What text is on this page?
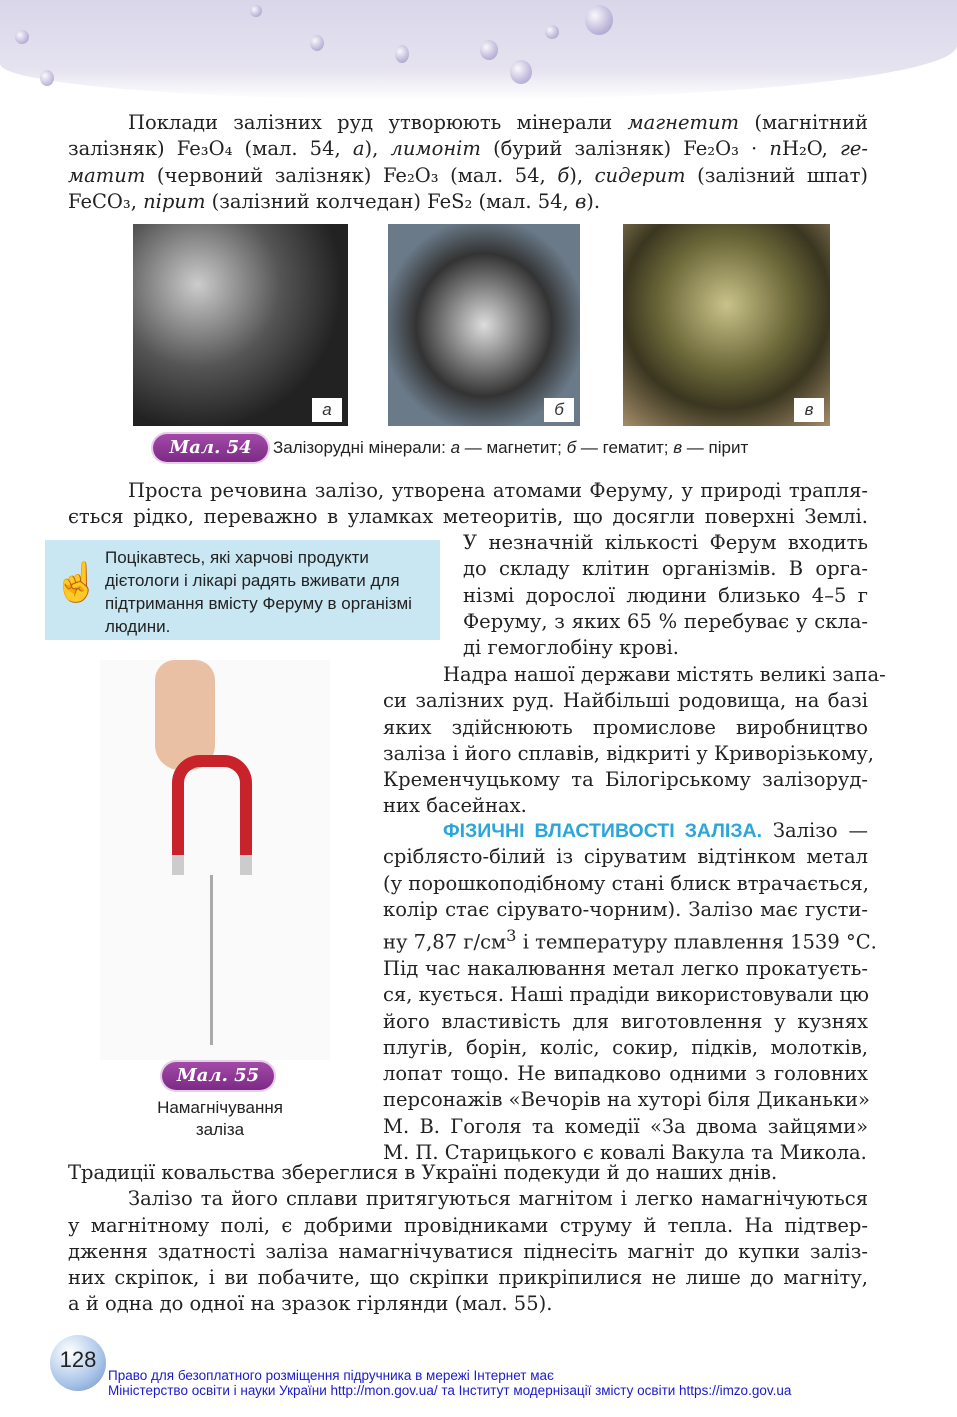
Поклади залізних руд утворюють мінерали магнетит (магнітний
залізняк) Fe₃O₄ (мал. 54, а), лимоніт (бурий залізняк) Fe₂O₃ · nH₂O, ге-
матит (червоний залізняк) Fe₂O₃ (мал. 54, б), сидерит (залізний шпат)
FeCO₃, пірит (залізний колчедан) FeS₂ (мал. 54, в).
а	б	в
Мал. 54	Залізорудні мінерали: а — магнетит; б — гематит; в — пірит
Проста речовина залізо, утворена атомами Феруму, у природі трапля-
ється рідко, переважно в уламках метеоритів, що досягли поверхні Землі.
☝
Поцікавтесь, які харчові продукти дієтологи і лікарі радять вживати для підтримання вмісту Феруму в організмі людини.
У незначній кількості Ферум входить
до складу клітин організмів. В орга-
нізмі дорослої людини близько 4–5 г
Феруму, з яких 65 % перебуває у скла-
ді гемоглобіну крові.
Мал. 55
Намагнічування
заліза
Надра нашої держави містять великі запа-
си залізних руд. Найбільші родовища, на базі
яких здійснюють промислове виробництво
заліза і його сплавів, відкриті у Криворізькому,
Кременчуцькому та Білогірському залізоруд-
них басейнах.
ФІЗИЧНІ ВЛАСТИВОСТІ ЗАЛІЗА. Залізо —
сріблясто-білий із сіруватим відтінком метал
(у порошкоподібному стані блиск втрачається,
колір стає сірувато-чорним). Залізо має густи-
ну 7,87 $г/см^3$ і температуру плавлення 1539 °С.
Під час накалювання метал легко прокатуєть-
ся, кується. Наші прадіди використовували цю
його властивість для виготовлення у кузнях
плугів, борін, коліс, сокир, підків, молотків,
лопат тощо. Не випадково одними з головних
персонажів «Вечорів на хуторі біля Диканьки»
М. В. Гоголя та комедії «За двома зайцями»
М. П. Старицького є ковалі Вакула та Микола.
Традиції ковальства збереглися в Україні подекуди й до наших днів.
Залізо та його сплави притягуються магнітом і легко намагнічуються
у магнітному полі, є добрими провідниками струму й тепла. На підтвер-
дження здатності заліза намагнічуватися піднесіть магніт до купки заліз-
них скріпок, і ви побачите, що скріпки прикріпилися не лише до магніту,
а й одна до одної на зразок гірлянди (мал. 55).
128
Право для безоплатного розміщення підручника в мережі Інтернет має
Міністерство освіти і науки України http://mon.gov.ua/ та Інститут модернізації змісту освіти https://imzo.gov.ua
